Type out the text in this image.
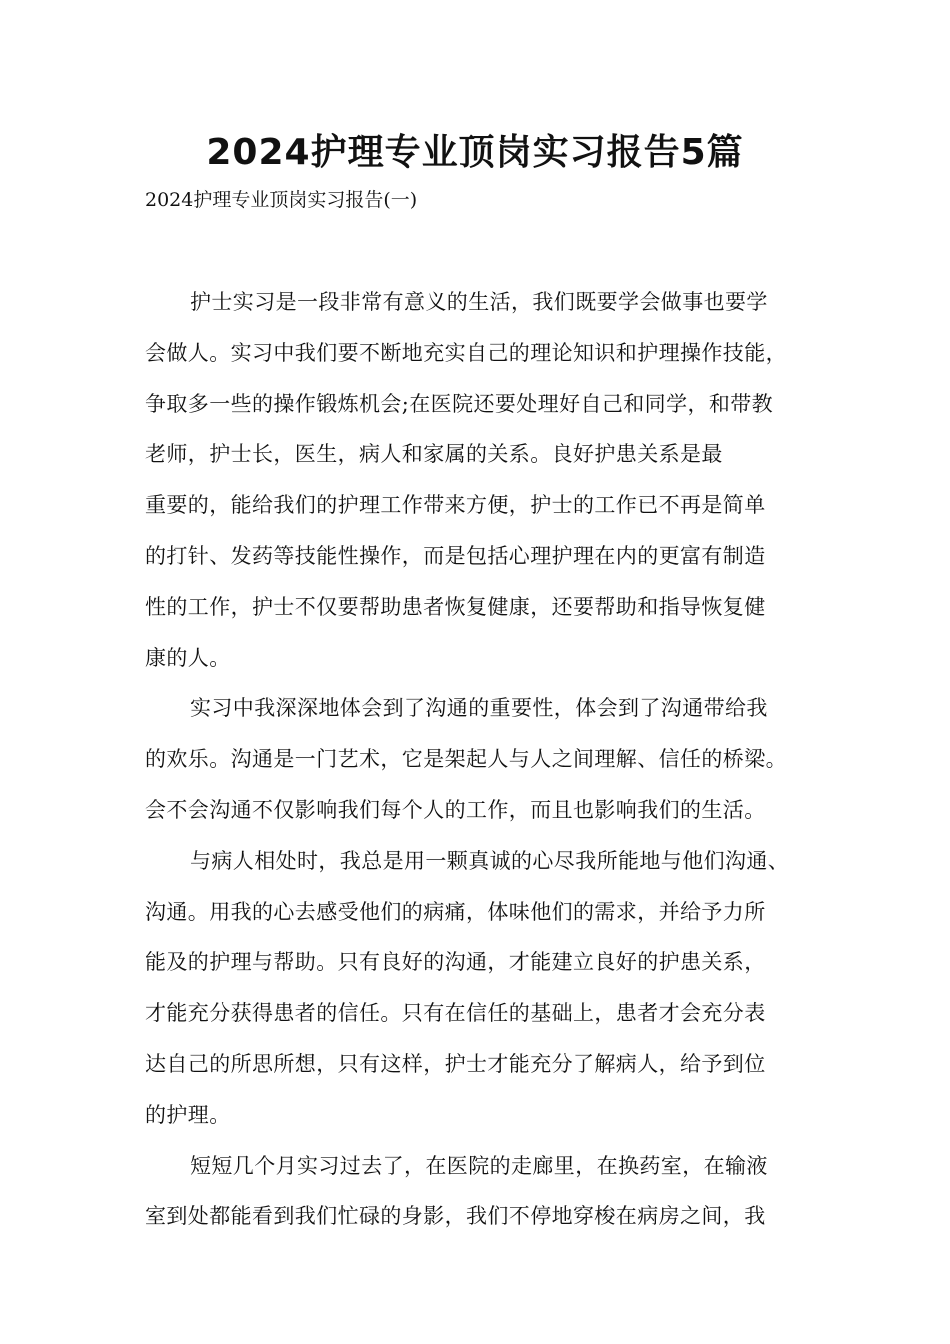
2024护理专业顶岗实习报告5篇

2024护理专业顶岗实习报告(一)

护士实习是一段非常有意义的生活，我们既要学会做事也要学
会做人。实习中我们要不断地充实自己的理论知识和护理操作技能，
争取多一些的操作锻炼机会;在医院还要处理好自己和同学，和带教
老师，护士长，医生，病人和家属的关系。良好护患关系是最
重要的，能给我们的护理工作带来方便，护士的工作已不再是简单
的打针、发药等技能性操作，而是包括心理护理在内的更富有制造
性的工作，护士不仅要帮助患者恢复健康，还要帮助和指导恢复健
康的人。
实习中我深深地体会到了沟通的重要性，体会到了沟通带给我
的欢乐。沟通是一门艺术，它是架起人与人之间理解、信任的桥梁。
会不会沟通不仅影响我们每个人的工作，而且也影响我们的生活。
与病人相处时，我总是用一颗真诚的心尽我所能地与他们沟通、
沟通。用我的心去感受他们的病痛，体味他们的需求，并给予力所
能及的护理与帮助。只有良好的沟通，才能建立良好的护患关系，
才能充分获得患者的信任。只有在信任的基础上，患者才会充分表
达自己的所思所想，只有这样，护士才能充分了解病人，给予到位
的护理。
短短几个月实习过去了，在医院的走廊里，在换药室，在输液
室到处都能看到我们忙碌的身影，我们不停地穿梭在病房之间，我
